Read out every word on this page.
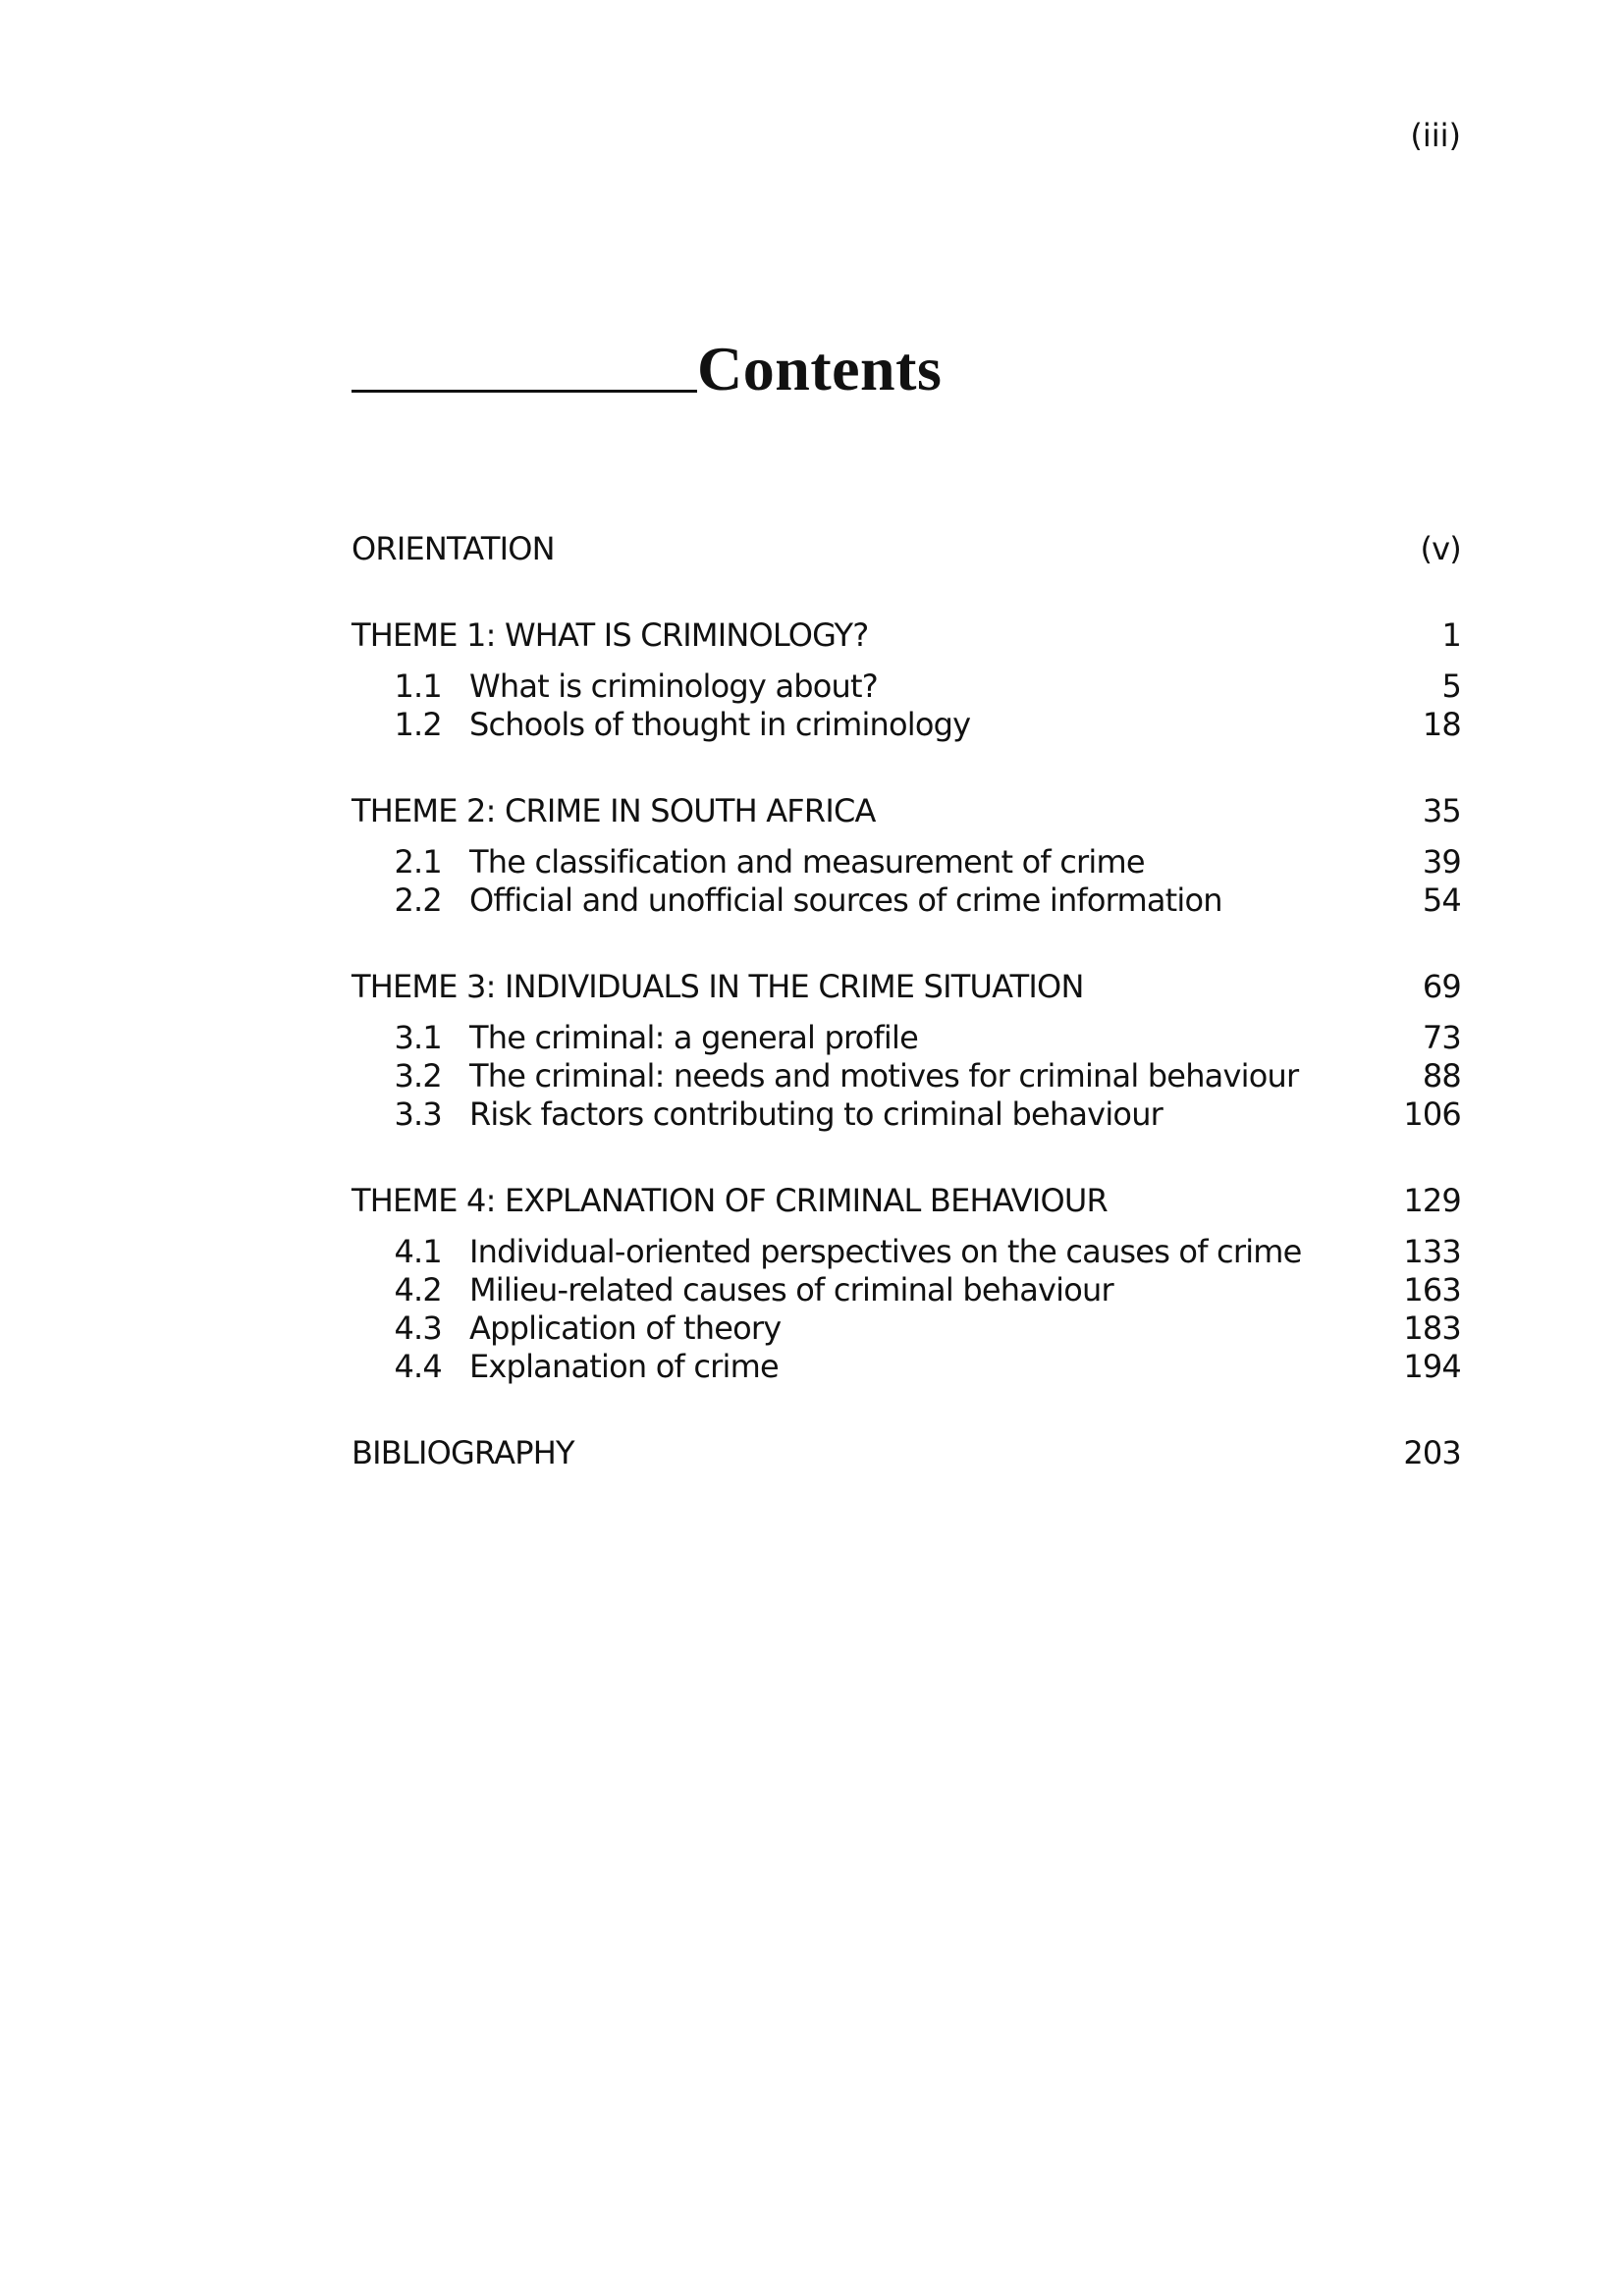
(iii)
Contents
ORIENTATION	(v)
THEME 1: WHAT IS CRIMINOLOGY?	1
1.1 What is criminology about?	5
1.2 Schools of thought in criminology	18
THEME 2: CRIME IN SOUTH AFRICA	35
2.1 The classification and measurement of crime	39
2.2 Official and unofficial sources of crime information	54
THEME 3: INDIVIDUALS IN THE CRIME SITUATION	69
3.1 The criminal: a general profile	73
3.2 The criminal: needs and motives for criminal behaviour	88
3.3 Risk factors contributing to criminal behaviour	106
THEME 4: EXPLANATION OF CRIMINAL BEHAVIOUR	129
4.1 Individual-oriented perspectives on the causes of crime	133
4.2 Milieu-related causes of criminal behaviour	163
4.3 Application of theory	183
4.4 Explanation of crime	194
BIBLIOGRAPHY	203
